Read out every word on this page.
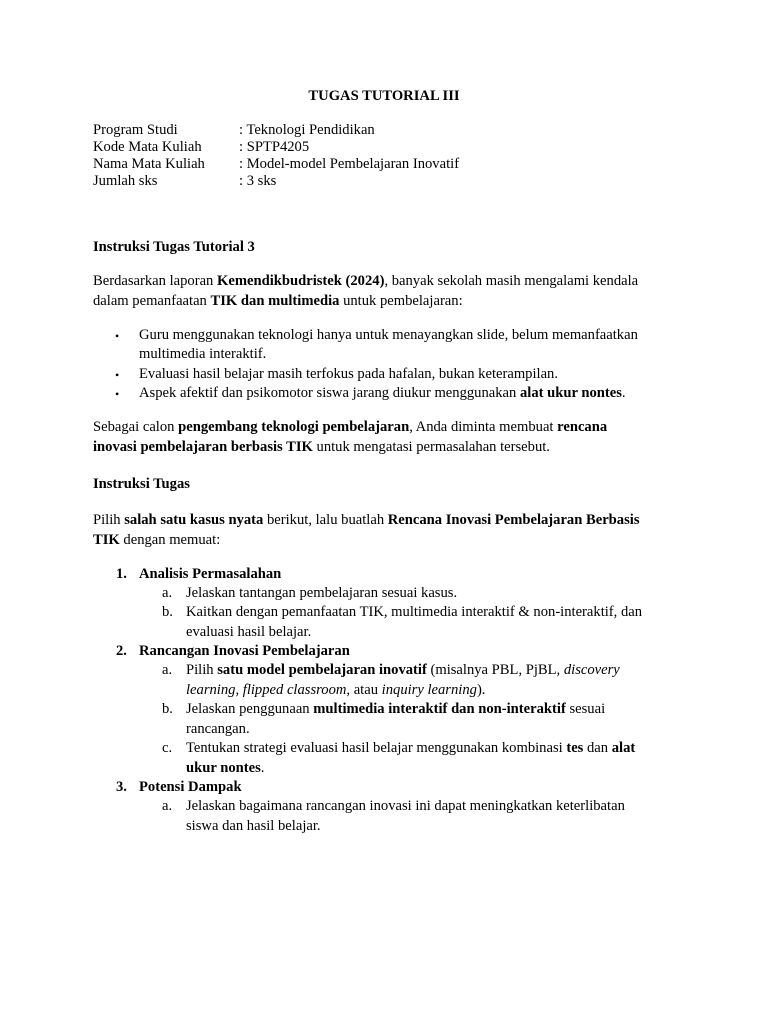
TUGAS TUTORIAL III
Program Studi	: Teknologi Pendidikan
Kode Mata Kuliah	: SPTP4205
Nama Mata Kuliah : Model-model Pembelajaran Inovatif
Jumlah sks	: 3 sks
Instruksi Tugas Tutorial 3
Berdasarkan laporan Kemendikbudristek (2024), banyak sekolah masih mengalami kendala
dalam pemanfaatan TIK dan multimedia untuk pembelajaran:
• Guru menggunakan teknologi hanya untuk menayangkan slide, belum memanfaatkan
multimedia interaktif.
• Evaluasi hasil belajar masih terfokus pada hafalan, bukan keterampilan.
• Aspek afektif dan psikomotor siswa jarang diukur menggunakan alat ukur nontes.
Sebagai calon pengembang teknologi pembelajaran, Anda diminta membuat rencana
inovasi pembelajaran berbasis TIK untuk mengatasi permasalahan tersebut.
Instruksi Tugas
Pilih salah satu kasus nyata berikut, lalu buatlah Rencana Inovasi Pembelajaran Berbasis
TIK dengan memuat:
1. Analisis Permasalahan
a. Jelaskan tantangan pembelajaran sesuai kasus.
b. Kaitkan dengan pemanfaatan TIK, multimedia interaktif & non-interaktif, dan
evaluasi hasil belajar.
2. Rancangan Inovasi Pembelajaran
a. Pilih satu model pembelajaran inovatif (misalnya PBL, PjBL, discovery
learning, flipped classroom, atau inquiry learning).
b. Jelaskan penggunaan multimedia interaktif dan non-interaktif sesuai
rancangan.
c. Tentukan strategi evaluasi hasil belajar menggunakan kombinasi tes dan alat
ukur nontes.
3. Potensi Dampak
a. Jelaskan bagaimana rancangan inovasi ini dapat meningkatkan keterlibatan
siswa dan hasil belajar.
